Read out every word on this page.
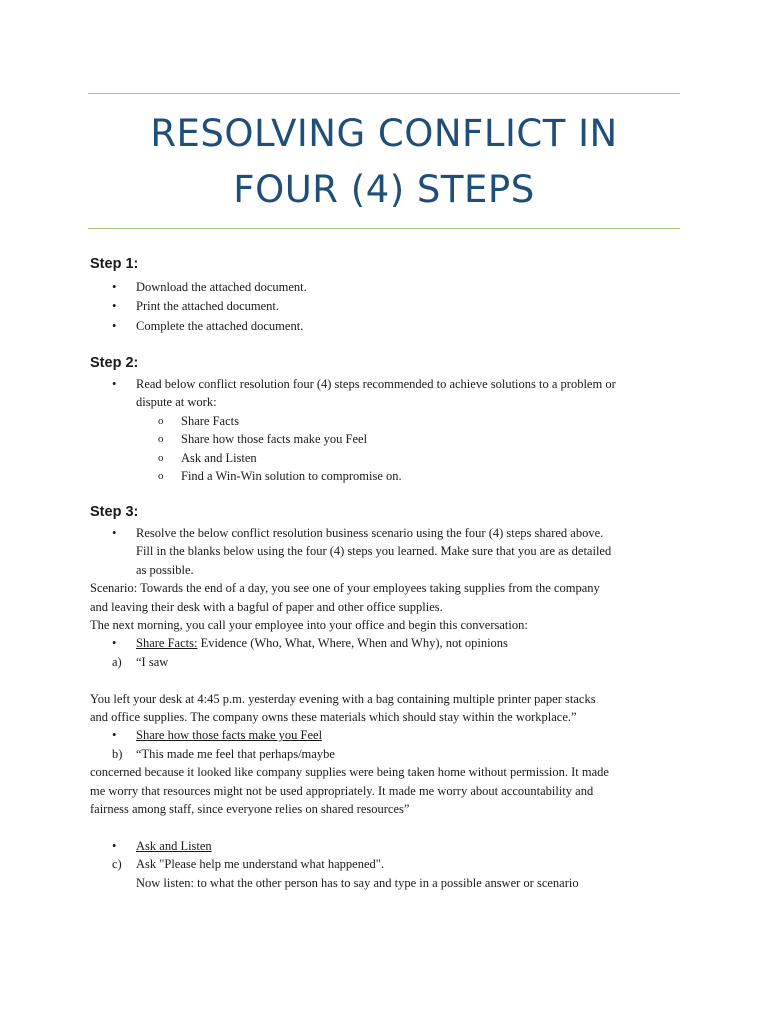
RESOLVING CONFLICT IN
FOUR (4) STEPS
Step 1:
•	Download the attached document.
•	Print the attached document.
•	Complete the attached document.
Step 2:
•	Read below conflict resolution four (4) steps recommended to achieve solutions to a problem or
dispute at work:
o	Share Facts
o	Share how those facts make you Feel
o	Ask and Listen
o	Find a Win-Win solution to compromise on.
Step 3:
•	Resolve the below conflict resolution business scenario using the four (4) steps shared above.
Fill in the blanks below using the four (4) steps you learned. Make sure that you are as detailed
as possible.
Scenario: Towards the end of a day, you see one of your employees taking supplies from the company
and leaving their desk with a bagful of paper and other office supplies.
The next morning, you call your employee into your office and begin this conversation:
•	Share Facts: Evidence (Who, What, Where, When and Why), not opinions
a)	“I saw
You left your desk at 4:45 p.m. yesterday evening with a bag containing multiple printer paper stacks
and office supplies. The company owns these materials which should stay within the workplace.”
•	Share how those facts make you Feel
b) “This made me feel that perhaps/maybe
concerned because it looked like company supplies were being taken home without permission. It made
me worry that resources might not be used appropriately. It made me worry about accountability and
fairness among staff, since everyone relies on shared resources”
•	Ask and Listen
c)	Ask "Please help me understand what happened".
Now listen: to what the other person has to say and type in a possible answer or scenario
